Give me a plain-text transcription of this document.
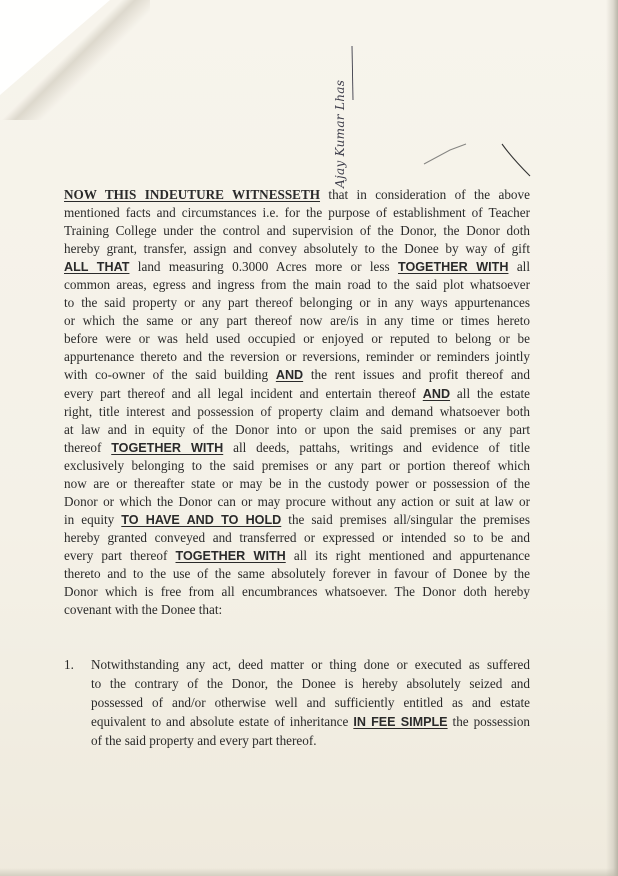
Ajay Kumar Lhas
NOW THIS INDEUTURE WITNESSETH that in consideration of the above
mentioned facts and circumstances i.e. for the purpose of establishment of Teacher
Training College under the control and supervision of the Donor, the Donor doth
hereby grant, transfer, assign and convey absolutely to the Donee by way of gift
ALL THAT land measuring 0.3000 Acres more or less TOGETHER WITH all
common areas, egress and ingress from the main road to the said plot whatsoever
to the said property or any part thereof belonging or in any ways appurtenances
or which the same or any part thereof now are/is in any time or times hereto
before were or was held used occupied or enjoyed or reputed to belong or be
appurtenance thereto and the reversion or reversions, reminder or reminders jointly
with co-owner of the said building AND the rent issues and profit thereof and
every part thereof and all legal incident and entertain thereof AND all the estate
right, title interest and possession of property claim and demand whatsoever both
at law and in equity of the Donor into or upon the said premises or any part
thereof TOGETHER WITH all deeds, pattahs, writings and evidence of title
exclusively belonging to the said premises or any part or portion thereof which
now are or thereafter state or may be in the custody power or possession of the
Donor or which the Donor can or may procure without any action or suit at law or
in equity TO HAVE AND TO HOLD the said premises all/singular the premises
hereby granted conveyed and transferred or expressed or intended so to be and
every part thereof TOGETHER WITH all its right mentioned and appurtenance
thereto and to the use of the same absolutely forever in favour of Donee by the
Donor which is free from all encumbrances whatsoever. The Donor doth hereby
covenant with the Donee that:
1. Notwithstanding any act, deed matter or thing done or executed as suffered
to the contrary of the Donor, the Donee is hereby absolutely seized and
possessed of and/or otherwise well and sufficiently entitled as and estate
equivalent to and absolute estate of inheritance IN FEE SIMPLE the possession
of the said property and every part thereof.
